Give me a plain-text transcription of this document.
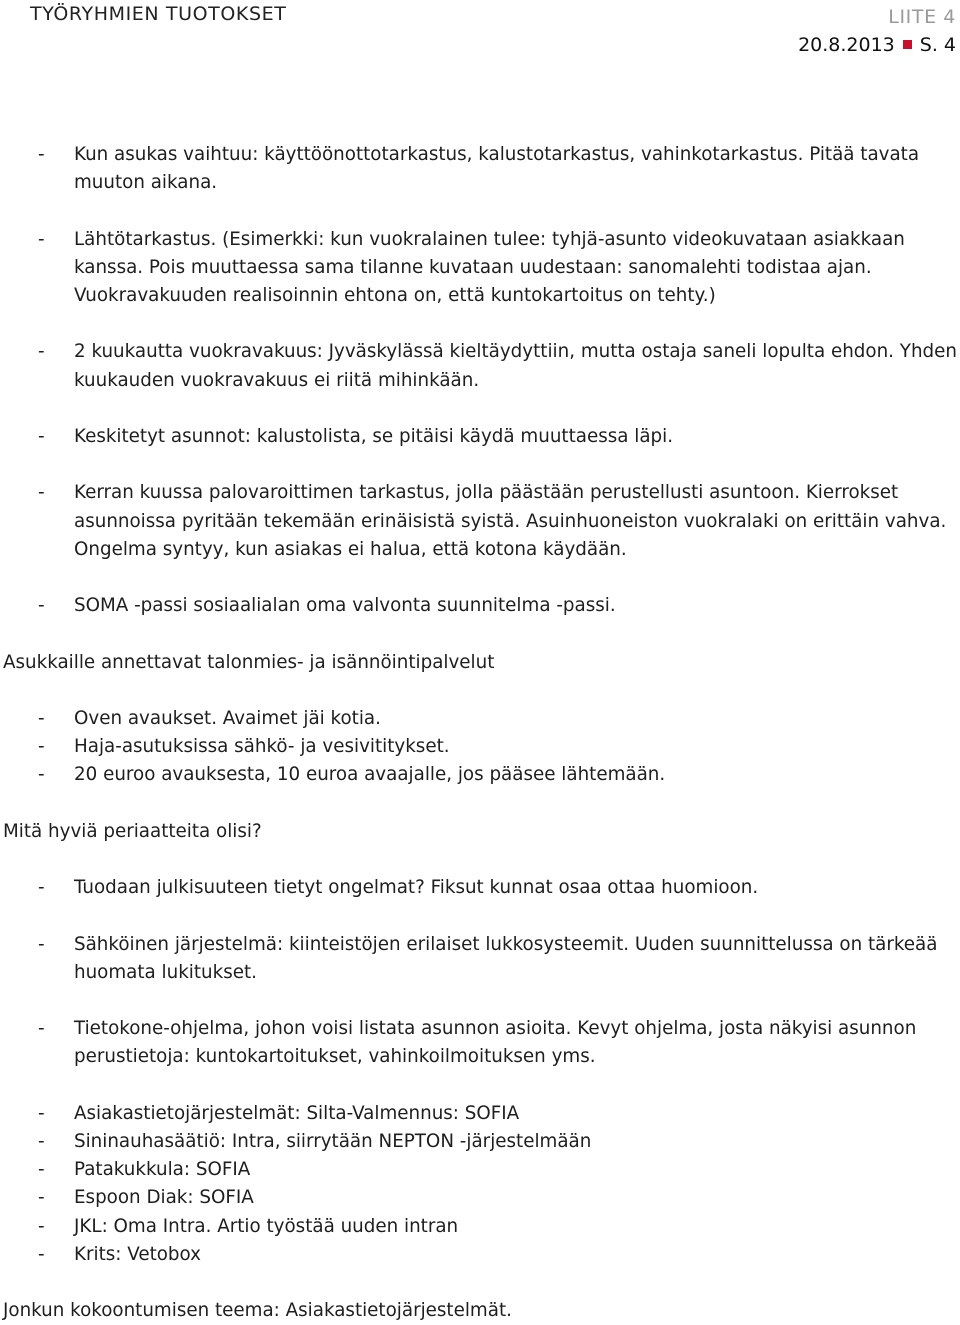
TYÖRYHMIEN TUOTOKSET	LIITE 4
20.8.2013 S. 4
- Kun asukas vaihtuu: käyttöönottotarkastus, kalustotarkastus, vahinkotarkastus. Pitää tavata muuton aikana.
- Lähtötarkastus. (Esimerkki: kun vuokralainen tulee: tyhjä-asunto videokuvataan asiakkaan kanssa. Pois muuttaessa sama tilanne kuvataan uudestaan: sanomalehti todistaa ajan. Vuokravakuuden realisoinnin ehtona on, että kuntokartoitus on tehty.)
- 2 kuukautta vuokravakuus: Jyväskylässä kieltäydyttiin, mutta ostaja saneli lopulta ehdon. Yhden kuukauden vuokravakuus ei riitä mihinkään.
- Keskitetyt asunnot: kalustolista, se pitäisi käydä muuttaessa läpi.
- Kerran kuussa palovaroittimen tarkastus, jolla päästään perustellusti asuntoon. Kierrokset asunnoissa pyritään tekemään erinäisistä syistä. Asuinhuoneiston vuokralaki on erittäin vahva. Ongelma syntyy, kun asiakas ei halua, että kotona käydään.
- SOMA -passi sosiaalialan oma valvonta suunnitelma -passi.
Asukkaille annettavat talonmies- ja isännöintipalvelut
- Oven avaukset. Avaimet jäi kotia.
- Haja-asutuksissa sähkö- ja vesivititykset.
- 20 euroo avauksesta, 10 euroa avaajalle, jos pääsee lähtemään.
Mitä hyviä periaatteita olisi?
- Tuodaan julkisuuteen tietyt ongelmat? Fiksut kunnat osaa ottaa huomioon.
- Sähköinen järjestelmä: kiinteistöjen erilaiset lukkosysteemit. Uuden suunnittelussa on tärkeää huomata lukitukset.
- Tietokone-ohjelma, johon voisi listata asunnon asioita. Kevyt ohjelma, josta näkyisi asunnon perustietoja: kuntokartoitukset, vahinkoilmoituksen yms.
- Asiakastietojärjestelmät: Silta-Valmennus: SOFIA
- Sininauhasäätiö: Intra, siirrytään NEPTON -järjestelmään
- Patakukkula: SOFIA
- Espoon Diak: SOFIA
- JKL: Oma Intra. Artio työstää uuden intran
- Krits: Vetobox
Jonkun kokoontumisen teema: Asiakastietojärjestelmät.
